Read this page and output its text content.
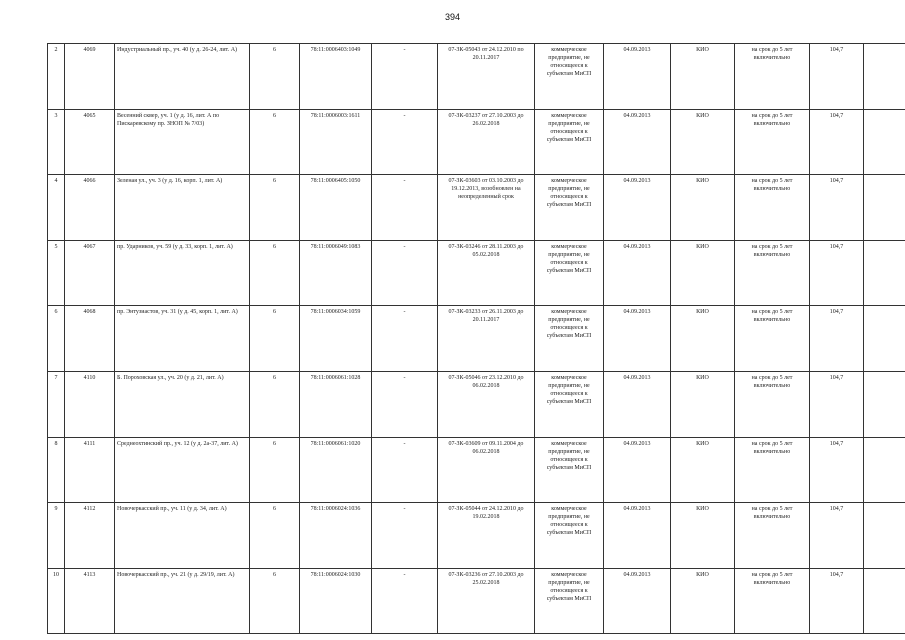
394
2	4069	Индустриальный пр., уч. 40 (у д. 26-24, лит. А)	6	78:11:0006403:1049	-	07-ЗК-05043 от 24.12.2010 по 20.11.2017	коммерческое предприятие, не относящееся к субъектам МиСП	04.09.2013	КИО	на срок до 5 лет включительно	104,7	
3	4065	Весенний сквер, уч. 1 (у д. 16, лит. А по Пискаревскому пр. ЗНОП № 7/03)	6	78:11:0006003:1611	-	07-ЗК-03237 от 27.10.2003 до 26.02.2018	коммерческое предприятие, не относящееся к субъектам МиСП	04.09.2013	КИО	на срок до 5 лет включительно	104,7	
4	4066	Зеленая ул., уч. 3 (у д. 16, корп. 1, лит. А)	6	78:11:0006405:1050	-	07-ЗК-03603 от 03.10.2003 до 19.12.2013, возобновлен на неопределенный срок	коммерческое предприятие, не относящееся к субъектам МиСП	04.09.2013	КИО	на срок до 5 лет включительно	104,7	
5	4067	пр. Ударников, уч. 59 (у д. 33, корп. 1, лит. А)	6	78:11:0006049:1083	-	07-ЗК-03246 от 28.11.2003 до 05.02.2018	коммерческое предприятие, не относящееся к субъектам МиСП	04.09.2013	КИО	на срок до 5 лет включительно	104,7	
6	4068	пр. Энтузиастов, уч. 31 (у д. 45, корп. 1, лит. А)	6	78:11:0006034:1059	-	07-ЗК-03233 от 26.11.2003 до 20.11.2017	коммерческое предприятие, не относящееся к субъектам МиСП	04.09.2013	КИО	на срок до 5 лет включительно	104,7	
7	4110	Б. Пороховская ул., уч. 20 (у д. 21, лит. А)	6	78:11:0006061:1028	-	07-ЗК-05046 от 23.12.2010 до 06.02.2018	коммерческое предприятие, не относящееся к субъектам МиСП	04.09.2013	КИО	на срок до 5 лет включительно	104,7	
8	4111	Среднеохтинский пр., уч. 12 (у д. 2а-37, лит. А)	6	78:11:0006061:1020	-	07-ЗК-03609 от 09.11.2004 до 06.02.2018	коммерческое предприятие, не относящееся к субъектам МиСП	04.09.2013	КИО	на срок до 5 лет включительно	104,7	
9	4112	Новочеркасский пр., уч. 11 (у д. 34, лит. А)	6	78:11:0006024:1036	-	07-ЗК-05044 от 24.12.2010 до 19.02.2018	коммерческое предприятие, не относящееся к субъектам МиСП	04.09.2013	КИО	на срок до 5 лет включительно	104,7	
10	4113	Новочеркасский пр., уч. 21 (у д. 29/19, лит. А)	6	78:11:0006024:1030	-	07-ЗК-03236 от 27.10.2003 до 25.02.2018	коммерческое предприятие, не относящееся к субъектам МиСП	04.09.2013	КИО	на срок до 5 лет включительно	104,7	
